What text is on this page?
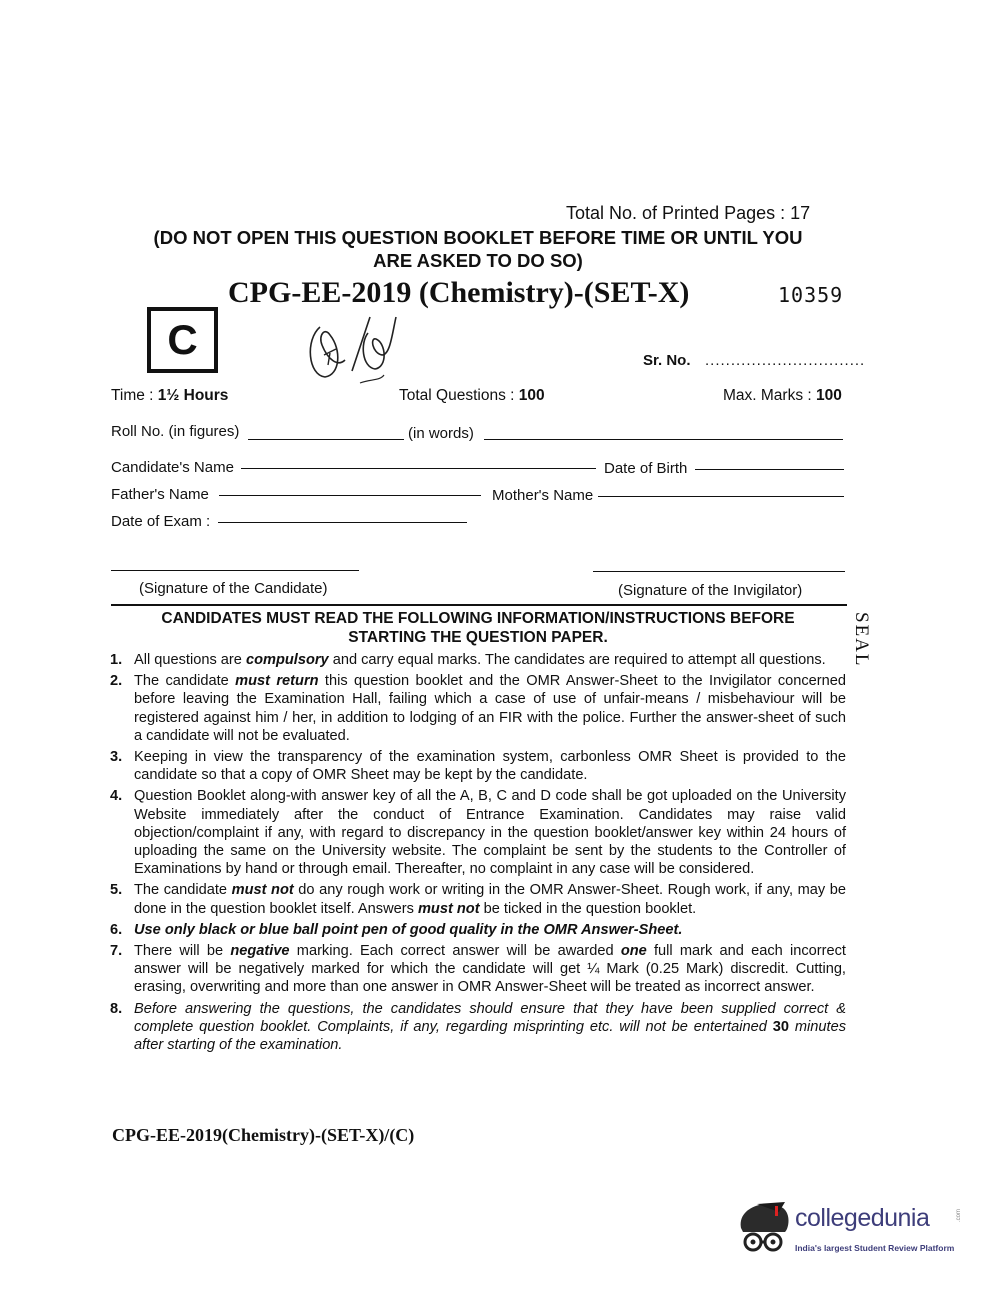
Total No. of Printed Pages : 17
(DO NOT OPEN THIS QUESTION BOOKLET BEFORE TIME OR UNTIL YOU
ARE ASKED TO DO SO)
CPG-EE-2019 (Chemistry)-(SET-X)	10359
C	Sr. No. ...............................
Time : 1½ Hours	Total Questions : 100	Max. Marks : 100
Roll No. (in figures)	(in words)
Candidate's Name	Date of Birth
Father's Name	Mother's Name
Date of Exam :
(Signature of the Candidate)	(Signature of the Invigilator)
CANDIDATES MUST READ THE FOLLOWING INFORMATION/INSTRUCTIONS BEFORE
STARTING THE QUESTION PAPER.
1. All questions are compulsory and carry equal marks. The candidates are required to attempt all questions.
2. The candidate must return this question booklet and the OMR Answer-Sheet to the Invigilator concerned before leaving the Examination Hall, failing which a case of use of unfair-means / misbehaviour will be registered against him / her, in addition to lodging of an FIR with the police. Further the answer-sheet of such a candidate will not be evaluated.
3. Keeping in view the transparency of the examination system, carbonless OMR Sheet is provided to the candidate so that a copy of OMR Sheet may be kept by the candidate.
4. Question Booklet along-with answer key of all the A, B, C and D code shall be got uploaded on the University Website immediately after the conduct of Entrance Examination. Candidates may raise valid objection/complaint if any, with regard to discrepancy in the question booklet/answer key within 24 hours of uploading the same on the University website. The complaint be sent by the students to the Controller of Examinations by hand or through email. Thereafter, no complaint in any case will be considered.
5. The candidate must not do any rough work or writing in the OMR Answer-Sheet. Rough work, if any, may be done in the question booklet itself. Answers must not be ticked in the question booklet.
6. Use only black or blue ball point pen of good quality in the OMR Answer-Sheet.
7. There will be negative marking. Each correct answer will be awarded one full mark and each incorrect answer will be negatively marked for which the candidate will get ¼ Mark (0.25 Mark) discredit. Cutting, erasing, overwriting and more than one answer in OMR Answer-Sheet will be treated as incorrect answer.
8. Before answering the questions, the candidates should ensure that they have been supplied correct & complete question booklet. Complaints, if any, regarding misprinting etc. will not be entertained 30 minutes after starting of the examination.
CPG-EE-2019(Chemistry)-(SET-X)/(C)
SEAL
collegedunia
India's largest Student Review Platform
.com
